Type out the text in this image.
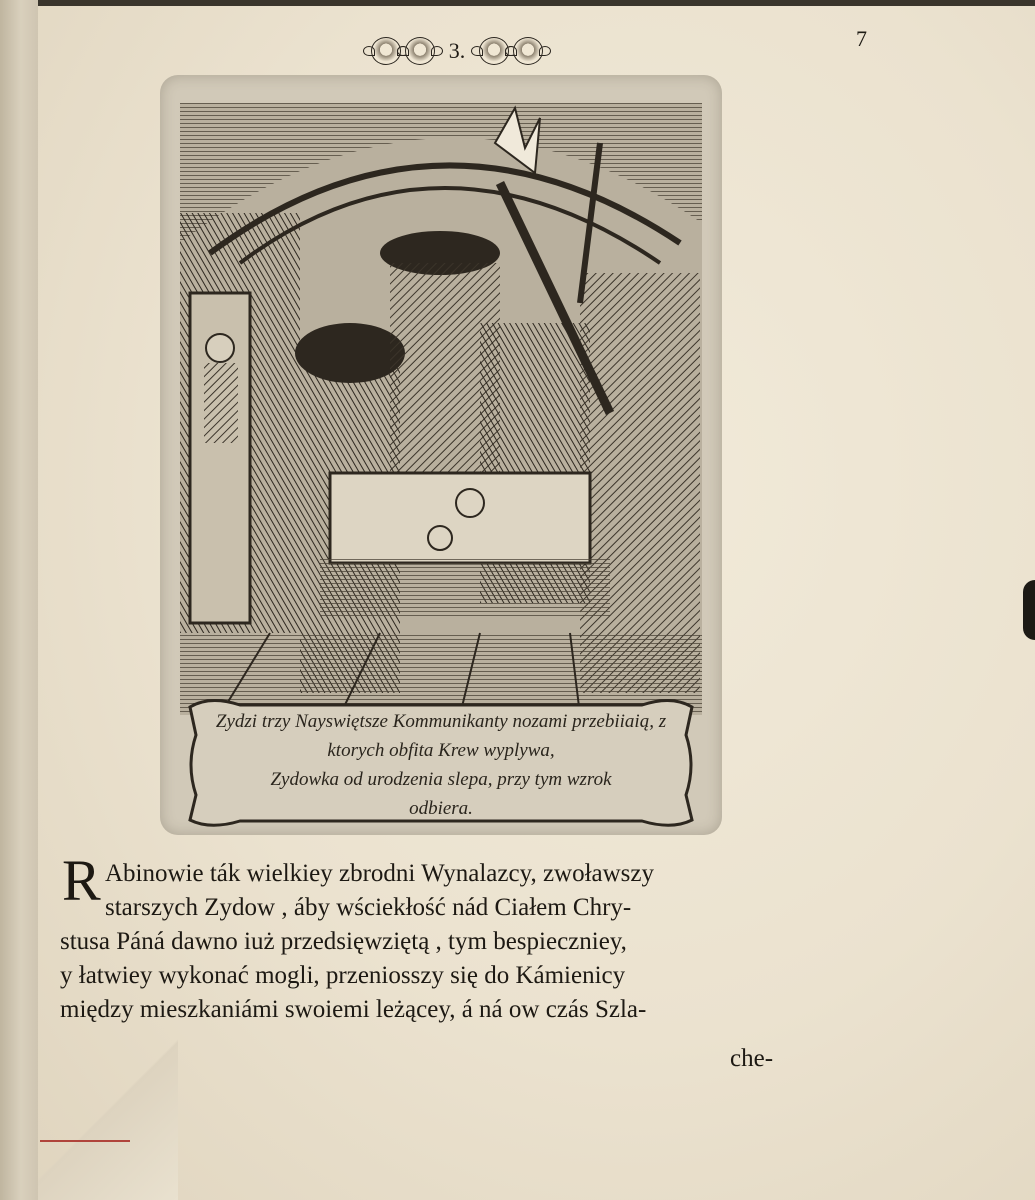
3.	7
Zydzi trzy Nayswiętsze Kommunikanty nozami przebiiaią, z ktorych obfita Krew wyplywa,
Zydowka od urodzenia slepa, przy tym wzrok
odbiera.
R Abinowie ták wielkiey zbrodni Wynalazcy, zwoławszy
starszych Zydow , áby wściekłość nád Ciałem Chry-
stusa Páná dawno iuż przedsięwziętą , tym bespieczniey,
y łatwiey wykonać mogli, przeniosszy się do Kámienicy
między mieszkaniámi swoiemi leżącey, á ná ow czás Szla-
che-
